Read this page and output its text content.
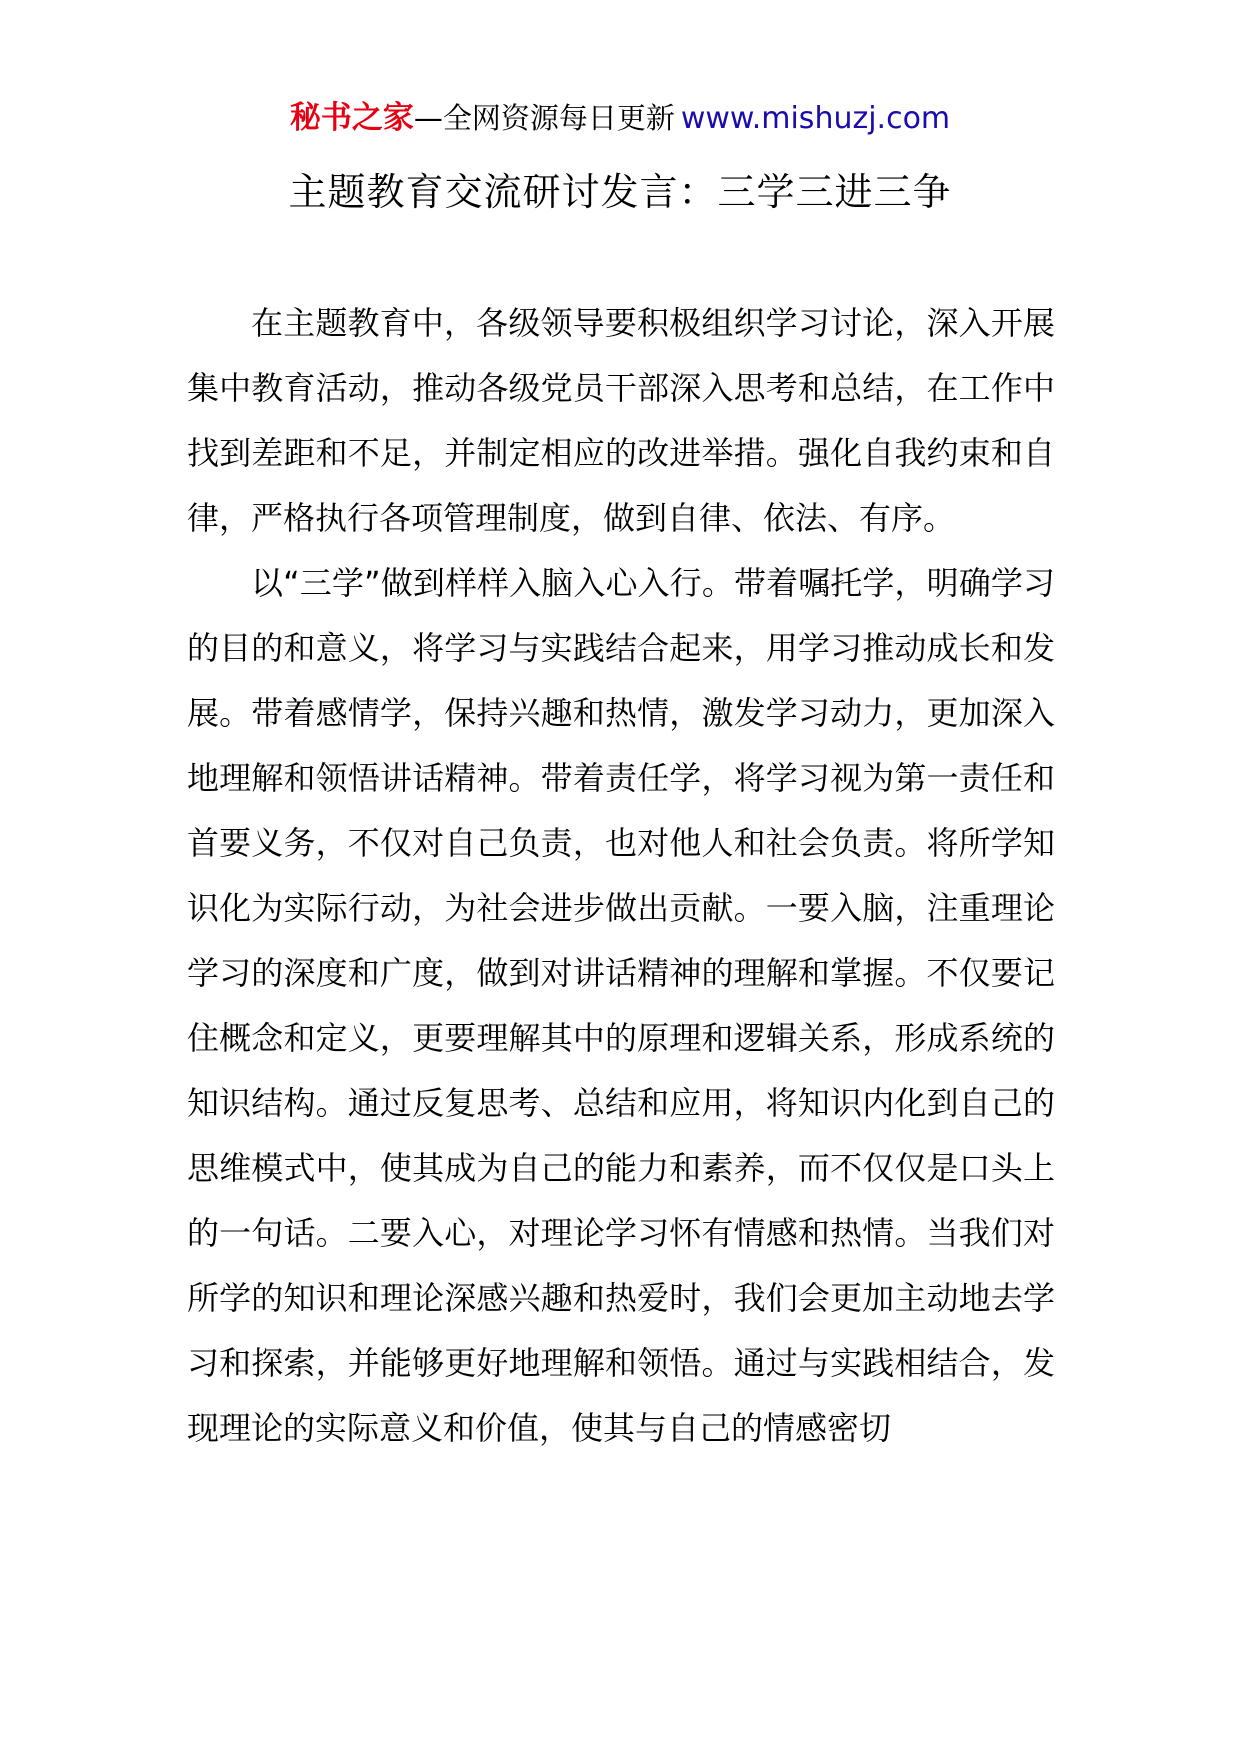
秘书之家—全网资源每日更新 www.mishuzj.com
主题教育交流研讨发言：三学三进三争

在主题教育中，各级领导要积极组织学习讨论，深入开展集中教育活动，推动各级党员干部深入思考和总结，在工作中找到差距和不足，并制定相应的改进举措。强化自我约束和自律，严格执行各项管理制度，做到自律、依法、有序。

以“三学”做到样样入脑入心入行。带着嘱托学，明确学习的目的和意义，将学习与实践结合起来，用学习推动成长和发展。带着感情学，保持兴趣和热情，激发学习动力，更加深入地理解和领悟讲话精神。带着责任学，将学习视为第一责任和首要义务，不仅对自己负责，也对他人和社会负责。将所学知识化为实际行动，为社会进步做出贡献。一要入脑，注重理论学习的深度和广度，做到对讲话精神的理解和掌握。不仅要记住概念和定义，更要理解其中的原理和逻辑关系，形成系统的知识结构。通过反复思考、总结和应用，将知识内化到自己的思维模式中，使其成为自己的能力和素养，而不仅仅是口头上的一句话。二要入心，对理论学习怀有情感和热情。当我们对所学的知识和理论深感兴趣和热爱时，我们会更加主动地去学习和探索，并能够更好地理解和领悟。通过与实践相结合，发现理论的实际意义和价值，使其与自己的情感密切
